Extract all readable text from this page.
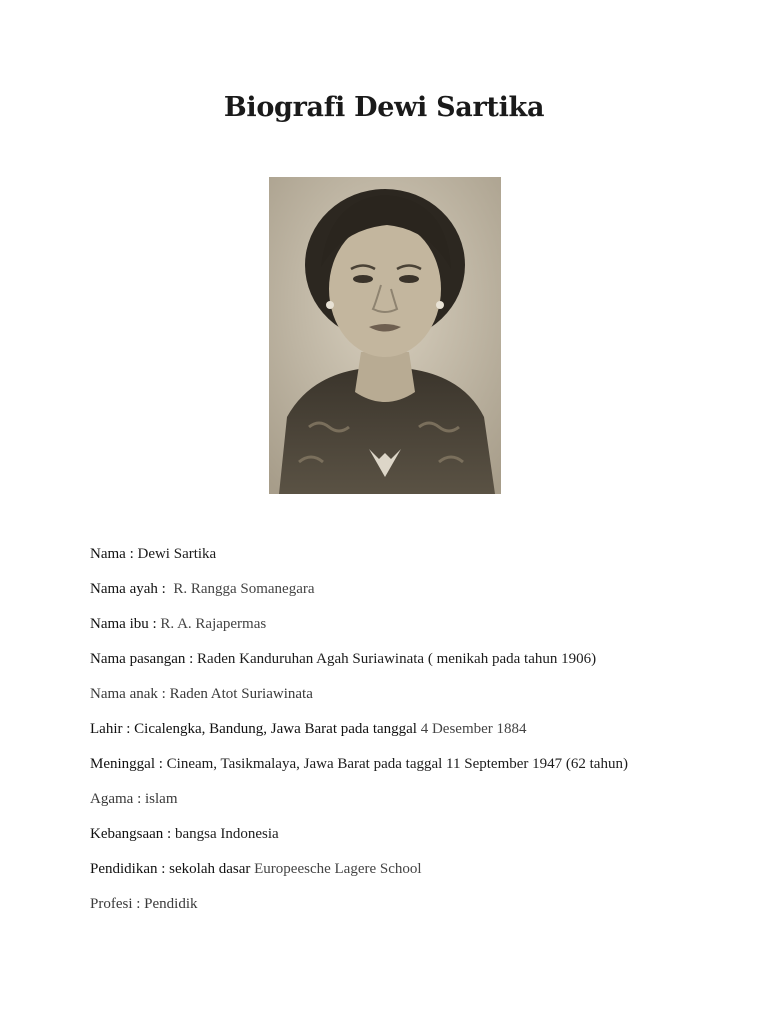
Biografi Dewi Sartika
Nama : Dewi Sartika
Nama ayah :  R. Rangga Somanegara
Nama ibu : R. A. Rajapermas
Nama pasangan : Raden Kanduruhan Agah Suriawinata ( menikah pada tahun 1906)
Nama anak : Raden Atot Suriawinata
Lahir : Cicalengka, Bandung, Jawa Barat pada tanggal 4 Desember 1884
Meninggal : Cineam, Tasikmalaya, Jawa Barat pada taggal 11 September 1947 (62 tahun)
Agama : islam
Kebangsaan : bangsa Indonesia
Pendidikan : sekolah dasar Europeesche Lagere School
Profesi : Pendidik
